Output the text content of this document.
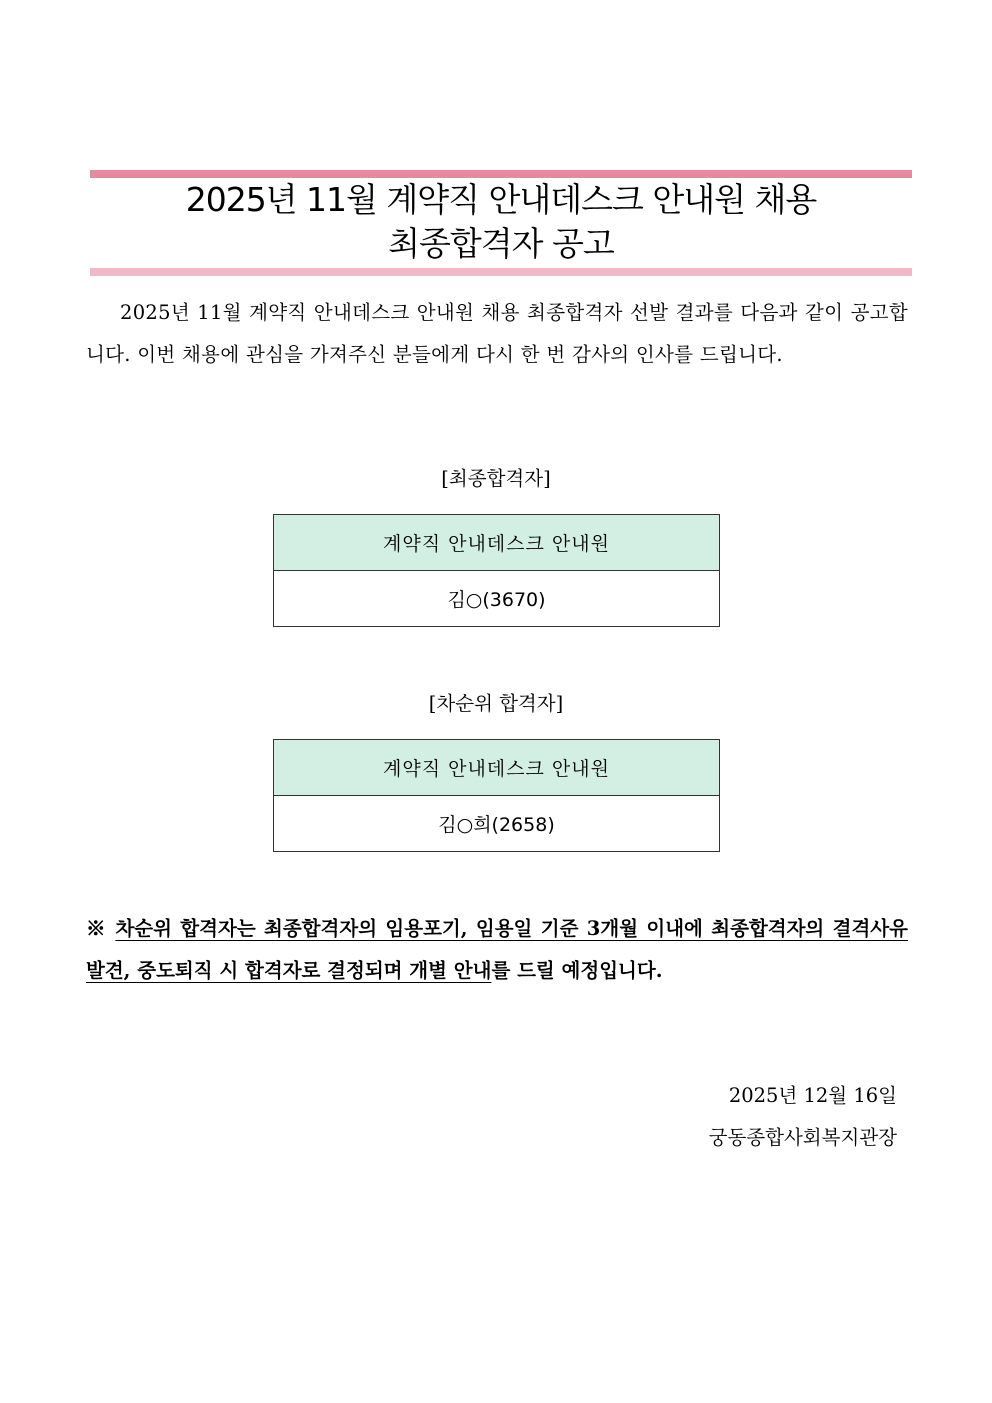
2025년 11월 계약직 안내데스크 안내원 채용
최종합격자 공고
2025년 11월 계약직 안내데스크 안내원 채용 최종합격자 선발 결과를 다음과 같이 공고합니다. 이번 채용에 관심을 가져주신 분들에게 다시 한 번 감사의 인사를 드립니다.
[최종합격자]
계약직 안내데스크 안내원
김○(3670)
[차순위 합격자]
계약직 안내데스크 안내원
김○희(2658)
※ 차순위 합격자는 최종합격자의 임용포기, 임용일 기준 3개월 이내에 최종합격자의 결격사유 발견, 중도퇴직 시 합격자로 결정되며 개별 안내를 드릴 예정입니다.
2025년 12월 16일
궁동종합사회복지관장
